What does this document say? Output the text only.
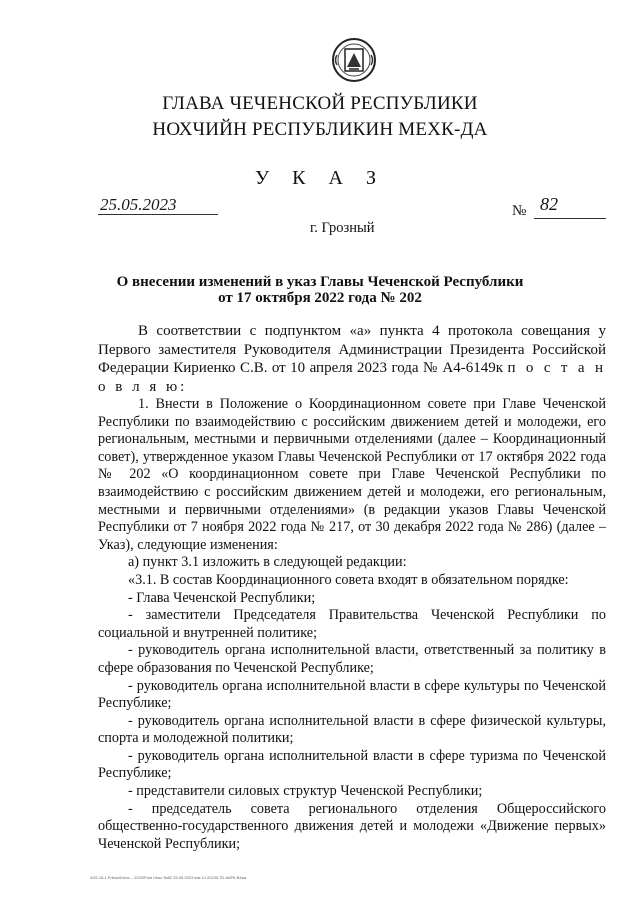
ГЛАВА ЧЕЧЕНСКОЙ РЕСПУБЛИКИ
НОХЧИЙН РЕСПУБЛИКИН МЕХК-ДА
У К А З
25.05.2023	№ 82
г. Грозный
О внесении изменений в указ Главы Чеченской Республики
от 17 октября 2022 года № 202

В соответствии с подпунктом «а» пункта 4 протокола совещания у Первого заместителя Руководителя Администрации Президента Российской Федерации Кириенко С.В. от 10 апреля 2023 года № А4-6149к п о с т а н о в л я ю:

1. Внести в Положение о Координационном совете при Главе Чеченской Республики по взаимодействию с российским движением детей и молодежи, его региональным, местными и первичными отделениями (далее – Координационный совет), утвержденное указом Главы Чеченской Республики от 17 октября 2022 года № 202 «О координационном совете при Главе Чеченской Республики по взаимодействию с российским движением детей и молодежи, его региональным, местными и первичными отделениями» (в редакции указов Главы Чеченской Республики от 7 ноября 2022 года № 217, от 30 декабря 2022 года № 286) (далее – Указ), следующие изменения:

а) пункт 3.1 изложить в следующей редакции:

«3.1. В состав Координационного совета входят в обязательном порядке:

- Глава Чеченской Республики;

- заместители Председателя Правительства Чеченской Республики по социальной и внутренней политике;

- руководитель органа исполнительной власти, ответственный за политику в сфере образования по Чеченской Республике;

- руководитель органа исполнительной власти в сфере культуры по Чеченской Республике;

- руководитель органа исполнительной власти в сфере физической культуры, спорта и молодежной политики;

- руководитель органа исполнительной власти в сфере туризма по Чеченской Республике;

- представители силовых структур Чеченской Республики;

- председатель совета регионального отделения Общероссийского общественно-государственного движения детей и молодежи «Движение первых» Чеченской Республики;

4/22.16.1.Prikazl2/doc – 2023/Post Ukaz №82 25.05.2023 в/м 14.2023/LTD-8AP8-В4аа
